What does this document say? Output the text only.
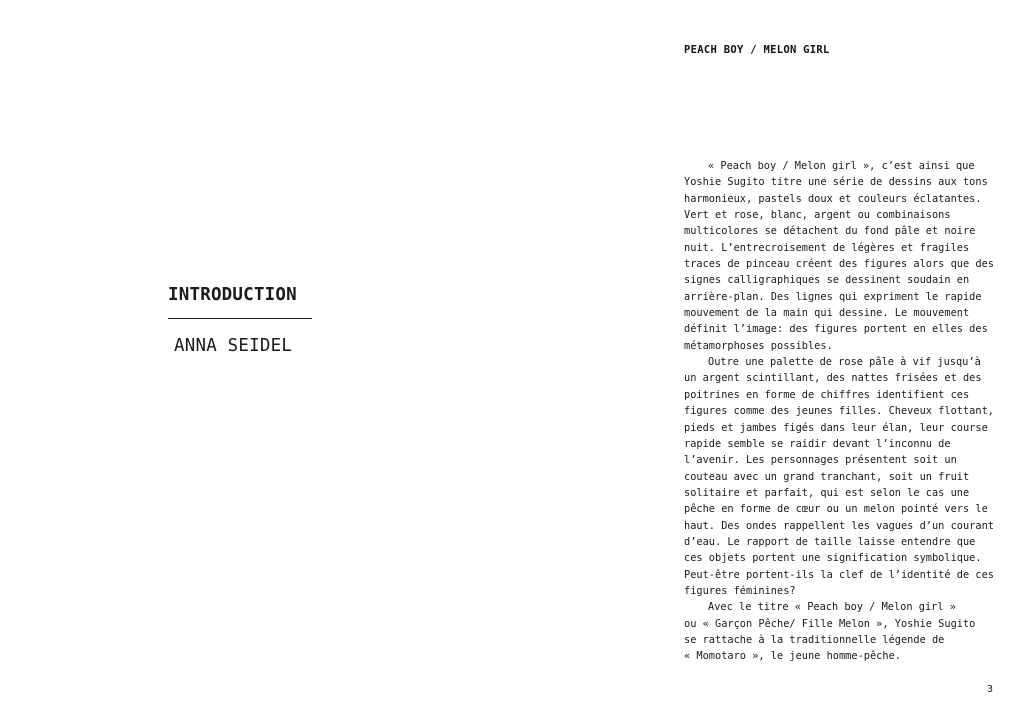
INTRODUCTION

ANNA SEIDEL

PEACH BOY / MELON GIRL
« Peach boy / Melon girl », c’est ainsi que
Yoshie Sugito titre une série de dessins aux tons
harmonieux, pastels doux et couleurs éclatantes.
Vert et rose, blanc, argent ou combinaisons
multicolores se détachent du fond pâle et noire
nuit. L’entrecroisement de légères et fragiles
traces de pinceau créent des figures alors que des
signes calligraphiques se dessinent soudain en
arrière-plan. Des lignes qui expriment le rapide
mouvement de la main qui dessine. Le mouvement
définit l’image: des figures portent en elles des
métamorphoses possibles.
Outre une palette de rose pâle à vif jusqu’à
un argent scintillant, des nattes frisées et des
poitrines en forme de chiffres identifient ces
figures comme des jeunes filles. Cheveux flottant,
pieds et jambes figés dans leur élan, leur course
rapide semble se raidir devant l’inconnu de
l’avenir. Les personnages présentent soit un
couteau avec un grand tranchant, soit un fruit
solitaire et parfait, qui est selon le cas une
pêche en forme de cœur ou un melon pointé vers le
haut. Des ondes rappellent les vagues d’un courant
d’eau. Le rapport de taille laisse entendre que
ces objets portent une signification symbolique.
Peut-être portent-ils la clef de l’identité de ces
figures féminines?
Avec le titre « Peach boy / Melon girl »
ou « Garçon Pêche/ Fille Melon », Yoshie Sugito
se rattache à la traditionnelle légende de
« Momotaro », le jeune homme-pêche.
3
